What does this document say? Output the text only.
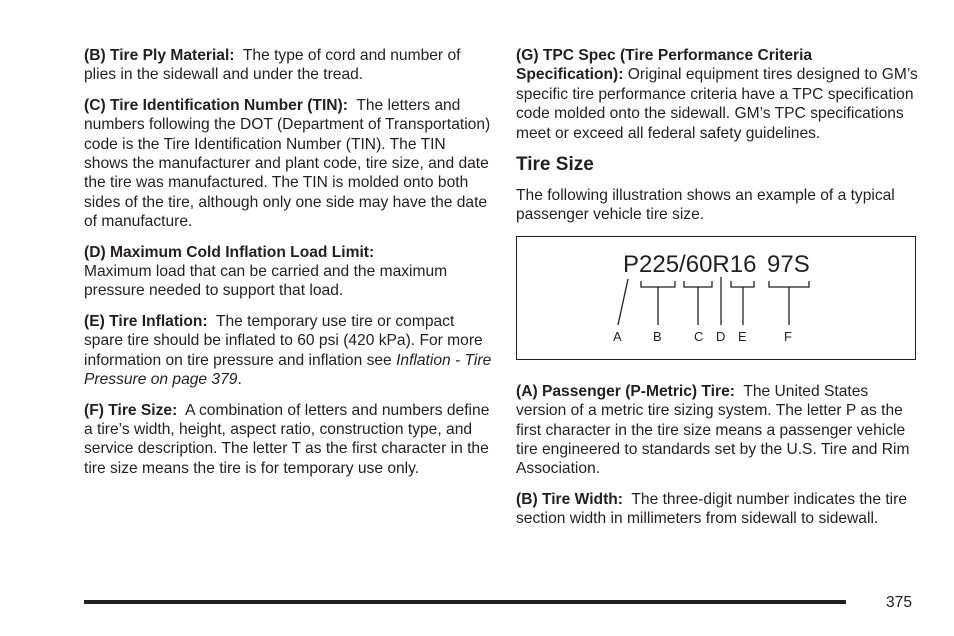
(B) Tire Ply Material: The type of cord and number of plies in the sidewall and under the tread.

(C) Tire Identification Number (TIN): The letters and numbers following the DOT (Department of Transportation) code is the Tire Identification Number (TIN). The TIN shows the manufacturer and plant code, tire size, and date the tire was manufactured. The TIN is molded onto both sides of the tire, although only one side may have the date of manufacture.

(D) Maximum Cold Inflation Load Limit:
Maximum load that can be carried and the maximum pressure needed to support that load.

(E) Tire Inflation: The temporary use tire or compact spare tire should be inflated to 60 psi (420 kPa). For more information on tire pressure and inflation see Inflation - Tire Pressure on page 379.

(F) Tire Size: A combination of letters and numbers define a tire’s width, height, aspect ratio, construction type, and service description. The letter T as the first character in the tire size means the tire is for temporary use only.

(G) TPC Spec (Tire Performance Criteria Specification): Original equipment tires designed to GM’s specific tire performance criteria have a TPC specification code molded onto the sidewall. GM’s TPC specifications meet or exceed all federal safety guidelines.

Tire Size

The following illustration shows an example of a typical passenger vehicle tire size.

P225/60R16 97S
A B C D E	F

(A) Passenger (P-Metric) Tire: The United States version of a metric tire sizing system. The letter P as the first character in the tire size means a passenger vehicle tire engineered to standards set by the U.S. Tire and Rim Association.

(B) Tire Width: The three-digit number indicates the tire section width in millimeters from sidewall to sidewall.

375
